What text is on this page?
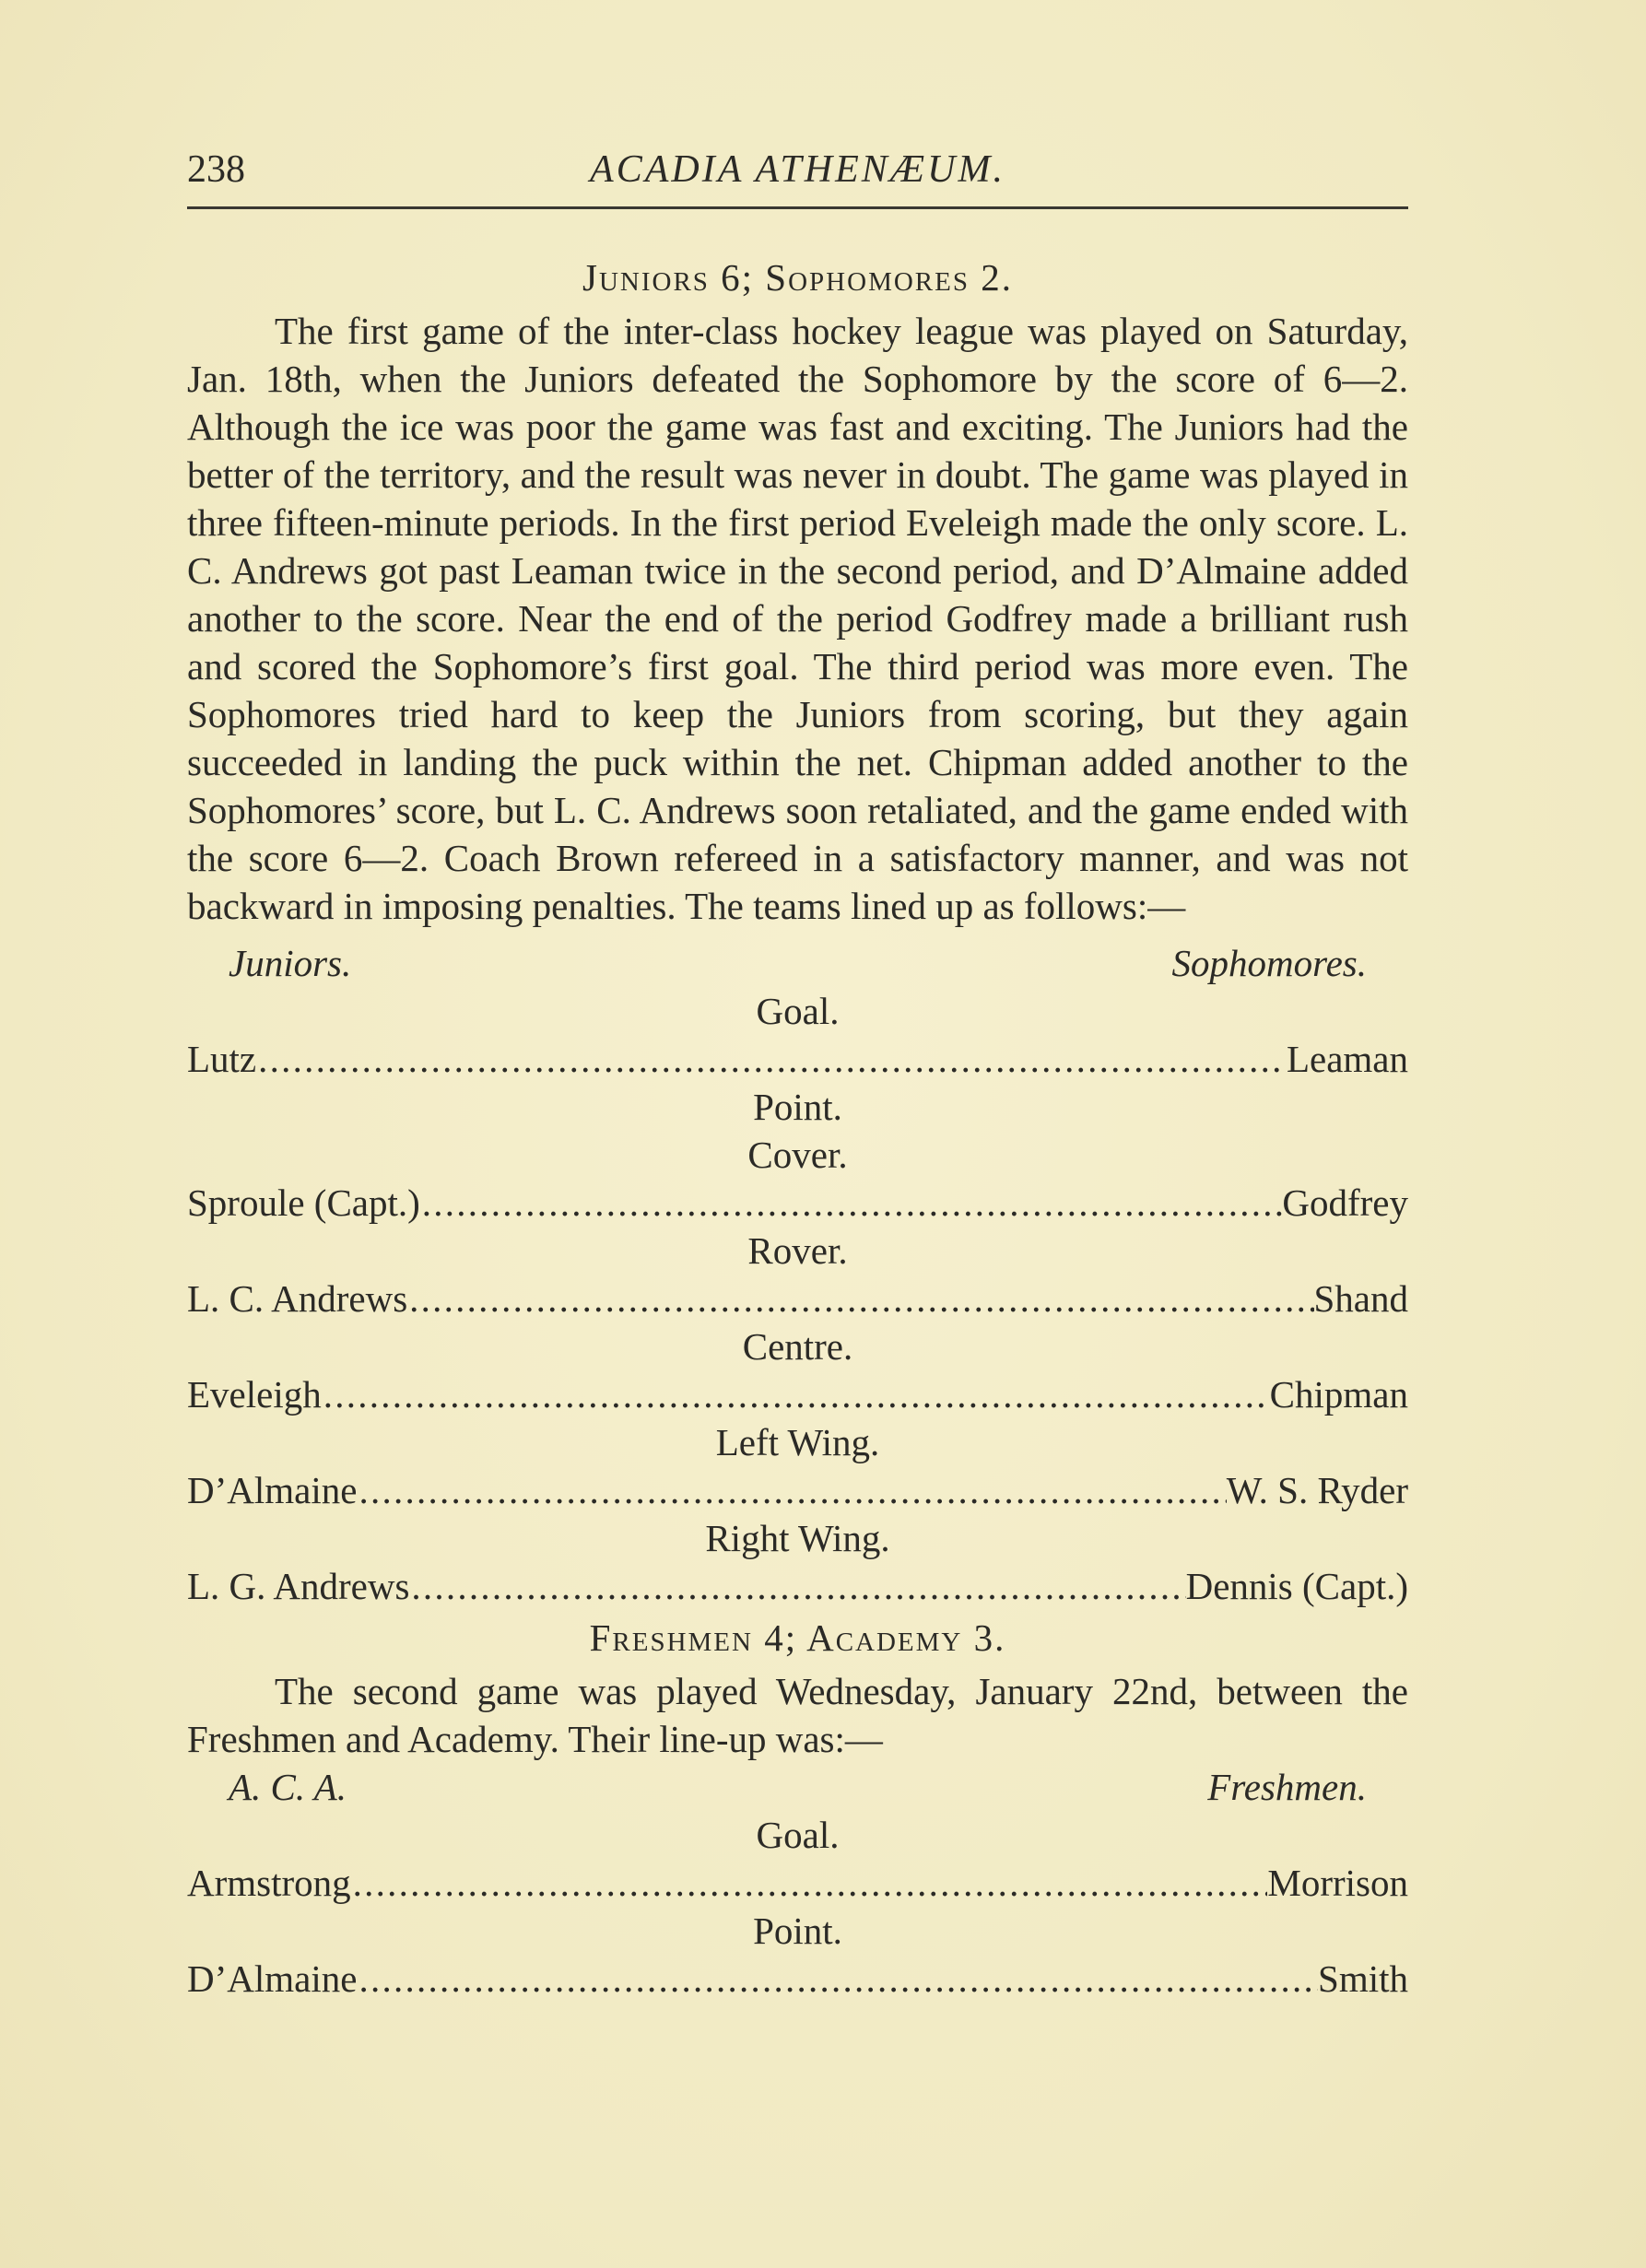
238	ACADIA ATHENÆUM.
Juniors 6; Sophomores 2.

The first game of the inter-class hockey league was played on Saturday, Jan. 18th, when the Juniors defeated the Sophomore by the score of 6—2. Although the ice was poor the game was fast and exciting. The Juniors had the better of the territory, and the result was never in doubt. The game was played in three fifteen-minute periods. In the first period Eveleigh made the only score. L. C. Andrews got past Leaman twice in the second period, and D’Almaine added another to the score. Near the end of the period Godfrey made a brilliant rush and scored the Sophomore’s first goal. The third period was more even. The Sophomores tried hard to keep the Juniors from scoring, but they again succeeded in landing the puck within the net. Chipman added another to the Sophomores’ score, but L. C. Andrews soon retaliated, and the game ended with the score 6—2. Coach Brown refereed in a satisfactory manner, and was not backward in imposing penalties. The teams lined up as follows:—

Juniors.	Sophomores.
Goal.
Lutz . . .	Leaman
Point.
Cover.
Sproule (Capt.) . . .	Godfrey
Rover.
L. C. Andrews . . .	Shand
Centre.
Eveleigh . . .	Chipman
Left Wing.
D’Almaine . . .	W. S. Ryder
Right Wing.
L. G. Andrews . . .	Dennis (Capt.)
Freshmen 4; Academy 3.

The second game was played Wednesday, January 22nd, between the Freshmen and Academy. Their line-up was:—

A. C. A.	Freshmen.
Goal.
Armstrong . . .	Morrison
Point.
D’Almaine . . .	Smith
